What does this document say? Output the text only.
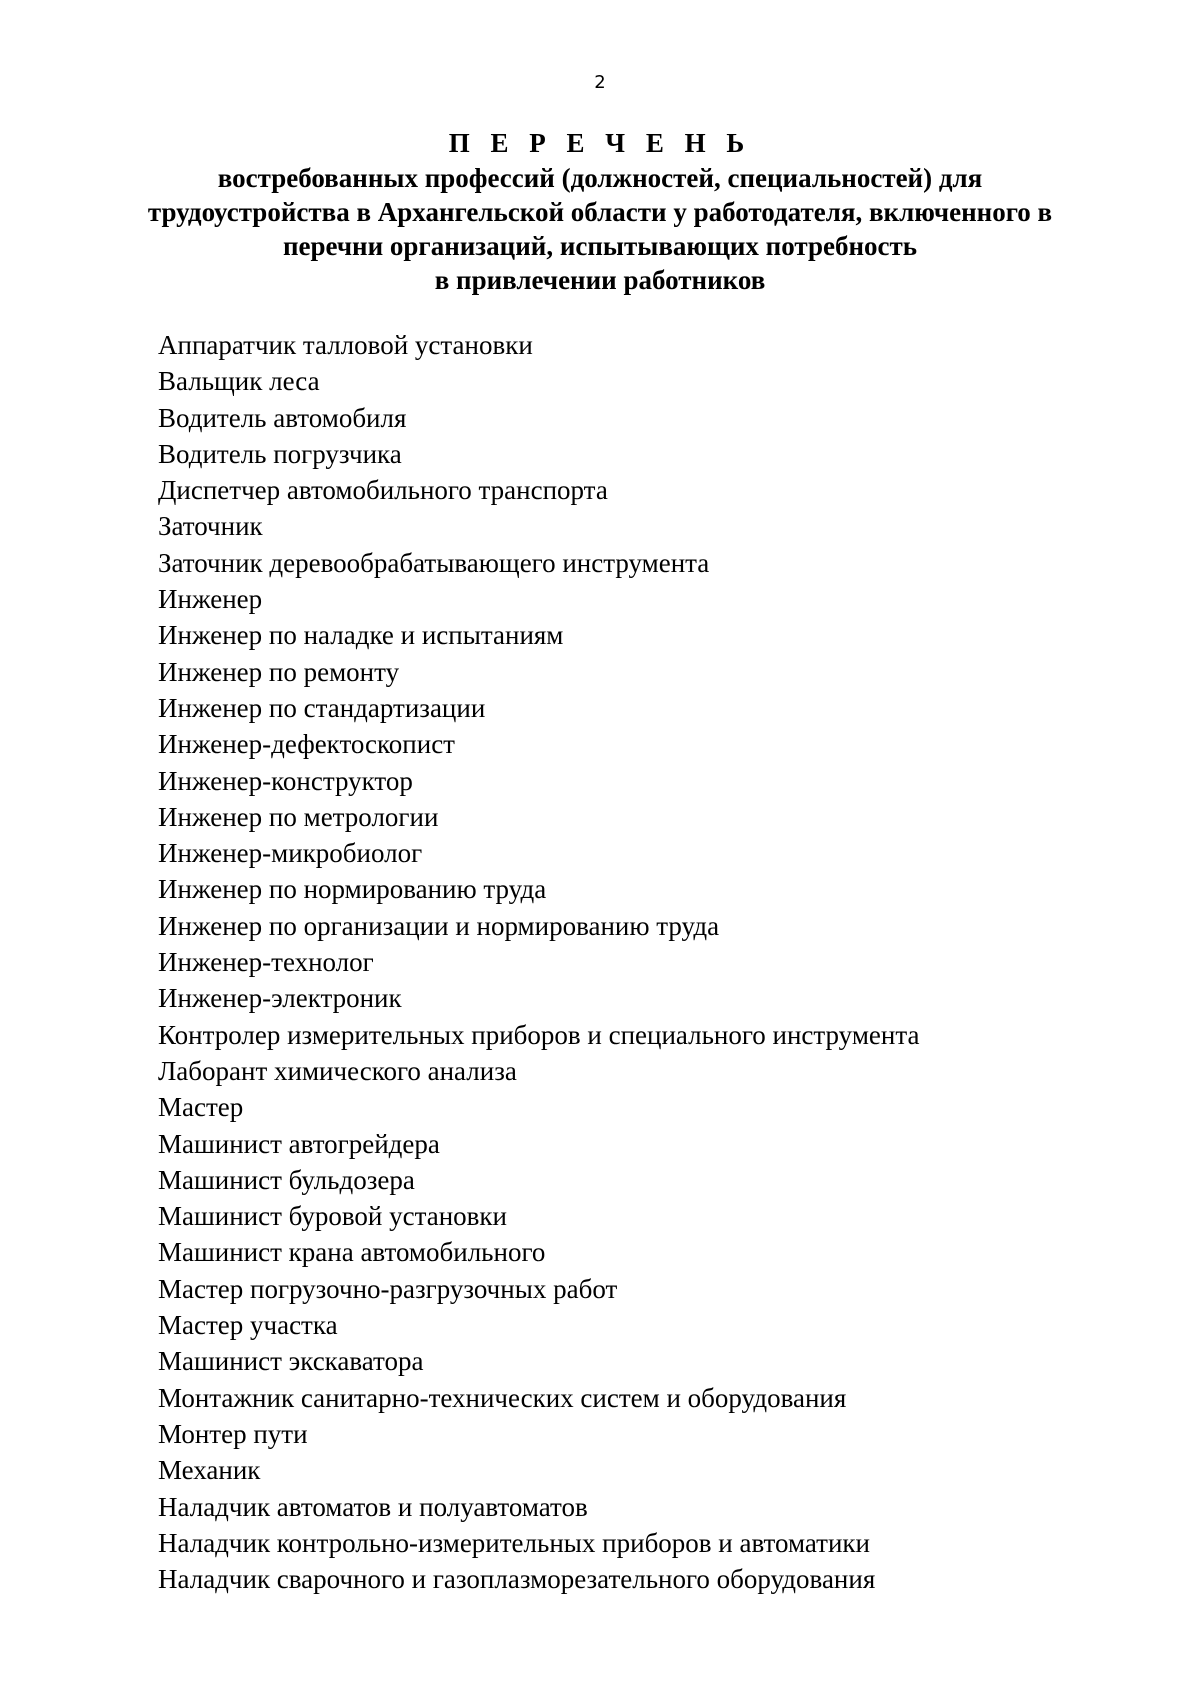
2
П Е Р Е Ч Е Н Ь
востребованных профессий (должностей, специальностей) для
трудоустройства в Архангельской области у работодателя, включенного в
перечни организаций, испытывающих потребность
в привлечении работников
Аппаратчик талловой установки
Вальщик леса
Водитель автомобиля
Водитель погрузчика
Диспетчер автомобильного транспорта
Заточник
Заточник деревообрабатывающего инструмента
Инженер
Инженер по наладке и испытаниям
Инженер по ремонту
Инженер по стандартизации
Инженер-дефектоскопист
Инженер-конструктор
Инженер по метрологии
Инженер-микробиолог
Инженер по нормированию труда
Инженер по организации и нормированию труда
Инженер-технолог
Инженер-электроник
Контролер измерительных приборов и специального инструмента
Лаборант химического анализа
Мастер
Машинист автогрейдера
Машинист бульдозера
Машинист буровой установки
Машинист крана автомобильного
Мастер погрузочно-разгрузочных работ
Мастер участка
Машинист экскаватора
Монтажник санитарно-технических систем и оборудования
Монтер пути
Механик
Наладчик автоматов и полуавтоматов
Наладчик контрольно-измерительных приборов и автоматики
Наладчик сварочного и газоплазморезательного оборудования
